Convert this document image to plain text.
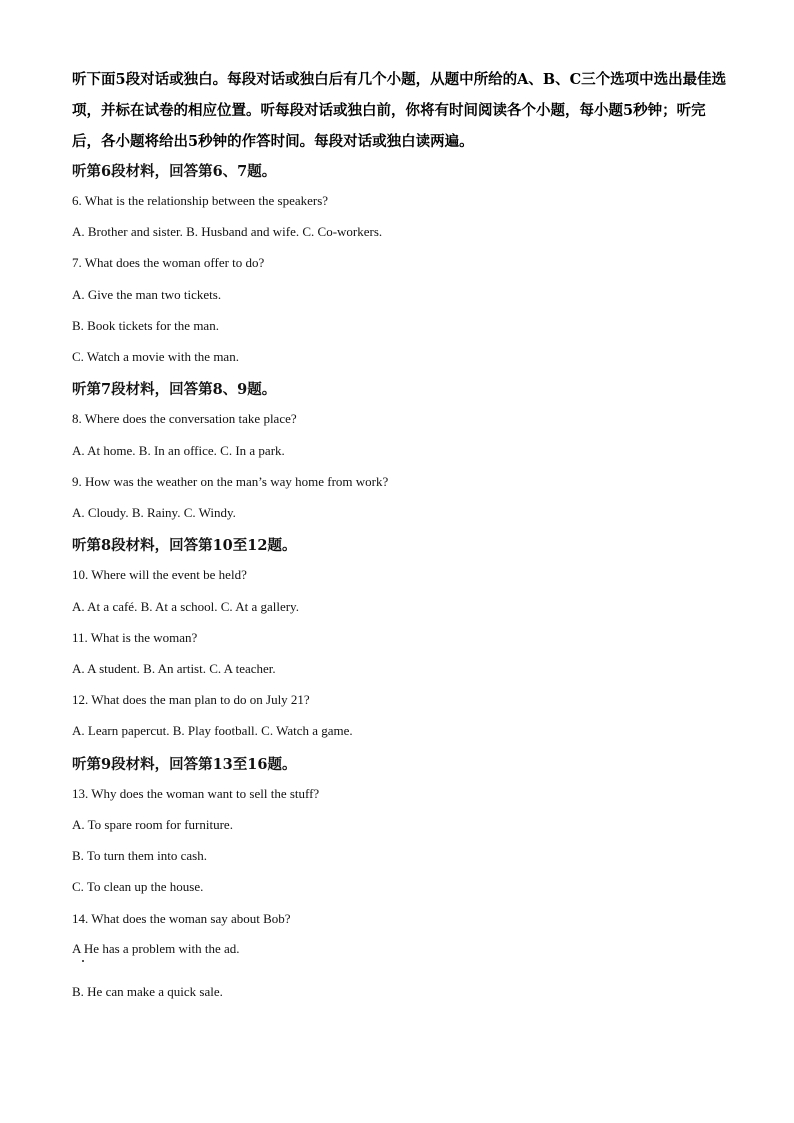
听下面5段对话或独白。每段对话或独白后有几个小题，从题中所给的A、B、C三个选项中选出最佳选项，并标在试卷的相应位置。听每段对话或独白前，你将有时间阅读各个小题，每小题5秒钟；听完后，各小题将给出5秒钟的作答时间。每段对话或独白读两遍。

听第6段材料，回答第6、7题。

6. What is the relationship between the speakers?

A. Brother and sister. B. Husband and wife. C. Co-workers.

7. What does the woman offer to do?

A. Give the man two tickets.

B. Book tickets for the man.

C. Watch a movie with the man.

听第7段材料，回答第8、9题。

8. Where does the conversation take place?

A. At home. B. In an office. C. In a park.

9. How was the weather on the man’s way home from work?

A. Cloudy. B. Rainy. C. Windy.

听第8段材料，回答第10至12题。

10. Where will the event be held?

A. At a café. B. At a school. C. At a gallery.

11. What is the woman?

A. A student. B. An artist. C. A teacher.

12. What does the man plan to do on July 21?

A. Learn papercut. B. Play football. C. Watch a game.

听第9段材料，回答第13至16题。

13. Why does the woman want to sell the stuff?

A. To spare room for furniture.

B. To turn them into cash.

C. To clean up the house.

14. What does the woman say about Bob?

A He has a problem with the ad.

B. He can make a quick sale.
